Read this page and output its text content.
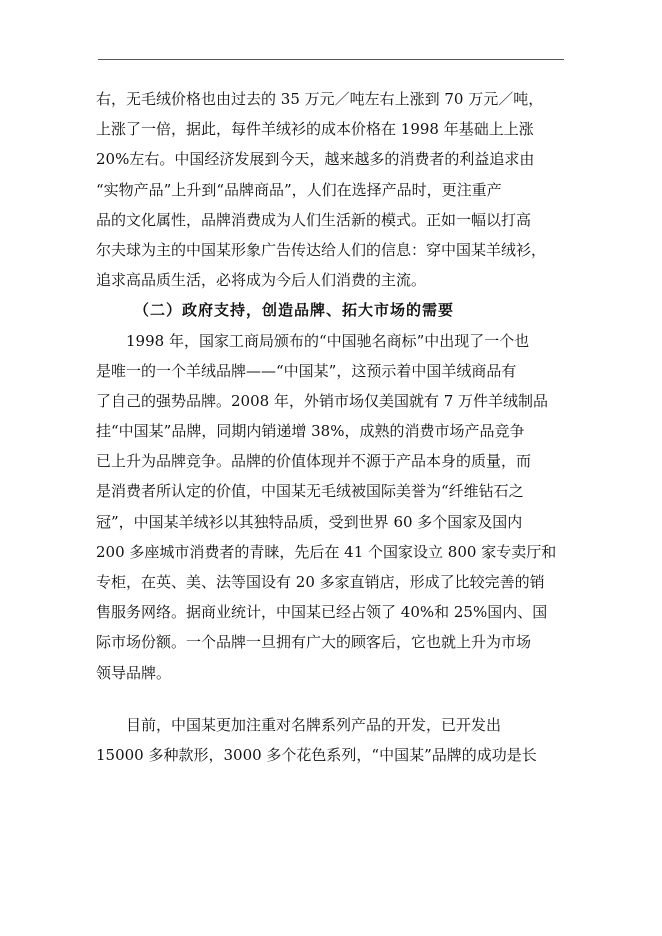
右，无毛绒价格也由过去的 35 万元／吨左右上涨到 70 万元／吨，
上涨了一倍，据此，每件羊绒衫的成本价格在 1998 年基础上上涨
20%左右。中国经济发展到今天，越来越多的消费者的利益追求由
“实物产品”上升到“品牌商品”，人们在选择产品时，更注重产
品的文化属性，品牌消费成为人们生活新的模式。正如一幅以打高
尔夫球为主的中国某形象广告传达给人们的信息：穿中国某羊绒衫，
追求高品质生活，必将成为今后人们消费的主流。
（二）政府支持，创造品牌、拓大市场的需要
　　1998 年，国家工商局颁布的“中国驰名商标”中出现了一个也
是唯一的一个羊绒品牌——“中国某”，这预示着中国羊绒商品有
了自己的强势品牌。2008 年，外销市场仅美国就有 7 万件羊绒制品
挂“中国某”品牌，同期内销递增 38%，成熟的消费市场产品竞争
已上升为品牌竞争。品牌的价值体现并不源于产品本身的质量，而
是消费者所认定的价值，中国某无毛绒被国际美誉为“纤维钻石之
冠”，中国某羊绒衫以其独特品质，受到世界 60 多个国家及国内
200 多座城市消费者的青睐，先后在 41 个国家设立 800 家专卖厅和
专柜，在英、美、法等国设有 20 多家直销店，形成了比较完善的销
售服务网络。据商业统计，中国某已经占领了 40%和 25%国内、国
际市场份额。一个品牌一旦拥有广大的顾客后，它也就上升为市场
领导品牌。
　　目前，中国某更加注重对名牌系列产品的开发，已开发出
15000 多种款形，3000 多个花色系列，“中国某”品牌的成功是长
